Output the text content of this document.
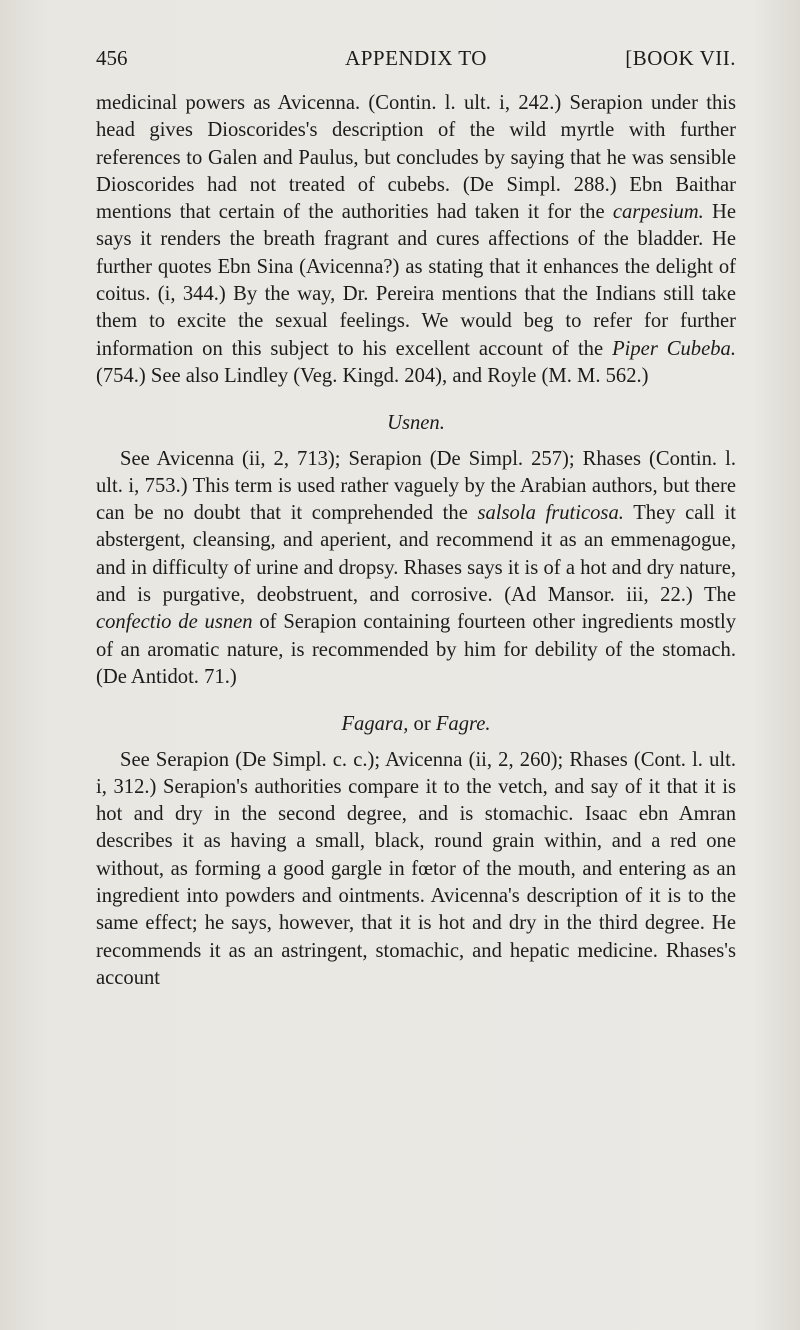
456	APPENDIX TO	[BOOK VII.

medicinal powers as Avicenna. (Contin. l. ult. i, 242.) Serapion under this head gives Dioscorides's description of the wild myrtle with further references to Galen and Paulus, but concludes by saying that he was sensible Dioscorides had not treated of cubebs. (De Simpl. 288.) Ebn Baithar mentions that certain of the authorities had taken it for the carpesium. He says it renders the breath fragrant and cures affections of the bladder. He further quotes Ebn Sina (Avicenna?) as stating that it enhances the delight of coitus. (i, 344.) By the way, Dr. Pereira mentions that the Indians still take them to excite the sexual feelings. We would beg to refer for further information on this subject to his excellent account of the Piper Cubeba. (754.) See also Lindley (Veg. Kingd. 204), and Royle (M. M. 562.)

Usnen.

See Avicenna (ii, 2, 713); Serapion (De Simpl. 257); Rhases (Contin. l. ult. i, 753.) This term is used rather vaguely by the Arabian authors, but there can be no doubt that it comprehended the salsola fruticosa. They call it abstergent, cleansing, and aperient, and recommend it as an emmenagogue, and in difficulty of urine and dropsy. Rhases says it is of a hot and dry nature, and is purgative, deobstruent, and corrosive. (Ad Mansor. iii, 22.) The confectio de usnen of Serapion containing fourteen other ingredients mostly of an aromatic nature, is recommended by him for debility of the stomach. (De Antidot. 71.)

Fagara, or Fagre.

See Serapion (De Simpl. c. c.); Avicenna (ii, 2, 260); Rhases (Cont. l. ult. i, 312.) Serapion's authorities compare it to the vetch, and say of it that it is hot and dry in the second degree, and is stomachic. Isaac ebn Amran describes it as having a small, black, round grain within, and a red one without, as forming a good gargle in fœtor of the mouth, and entering as an ingredient into powders and ointments. Avicenna's description of it is to the same effect; he says, however, that it is hot and dry in the third degree. He recommends it as an astringent, stomachic, and hepatic medicine. Rhases's account
